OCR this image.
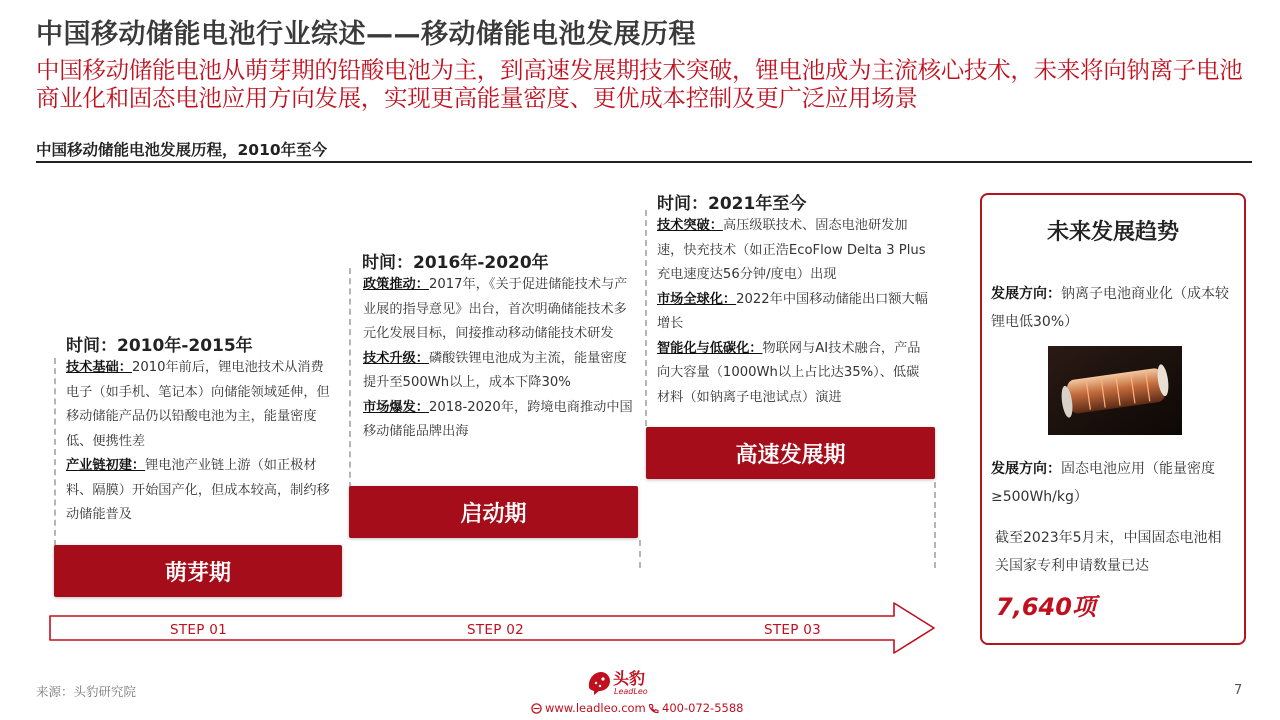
中国移动储能电池行业综述——移动储能电池发展历程
中国移动储能电池从萌芽期的铅酸电池为主，到高速发展期技术突破，锂电池成为主流核心技术，未来将向钠离子电池商业化和固态电池应用方向发展，实现更高能量密度、更优成本控制及更广泛应用场景
中国移动储能电池发展历程，2010年至今
时间：2010年-2015年

技术基础：2010年前后，锂电池技术从消费电子（如手机、笔记本）向储能领域延伸，但移动储能产品仍以铅酸电池为主，能量密度低、便携性差

产业链初建：锂电池产业链上游（如正极材料、隔膜）开始国产化，但成本较高，制约移动储能普及

萌芽期
时间：2016年-2020年

政策推动：2017年，《关于促进储能技术与产业展的指导意见》出台，首次明确储能技术多元化发展目标，间接推动移动储能技术研发

技术升级：磷酸铁锂电池成为主流，能量密度提升至500Wh以上，成本下降30%

市场爆发：2018-2020年，跨境电商推动中国移动储能品牌出海

启动期
时间：2021年至今

技术突破：高压级联技术、固态电池研发加速，快充技术（如正浩EcoFlow Delta 3 Plus充电速度达56分钟/度电）出现

市场全球化：2022年中国移动储能出口额大幅增长

智能化与低碳化：物联网与AI技术融合，产品向大容量（1000Wh以上占比达35%）、低碳材料（如钠离子电池试点）演进

高速发展期
STEP 01	STEP 02	STEP 03
未来发展趋势
发展方向：钠离子电池商业化（成本较锂电低30%）
发展方向：固态电池应用（能量密度≥500Wh/kg）
截至2023年5月末，中国固态电池相关国家专利申请数量已达
7,640项
来源：头豹研究院	7
头豹
LeadLeo
www.leadleo.com 400-072-5588
